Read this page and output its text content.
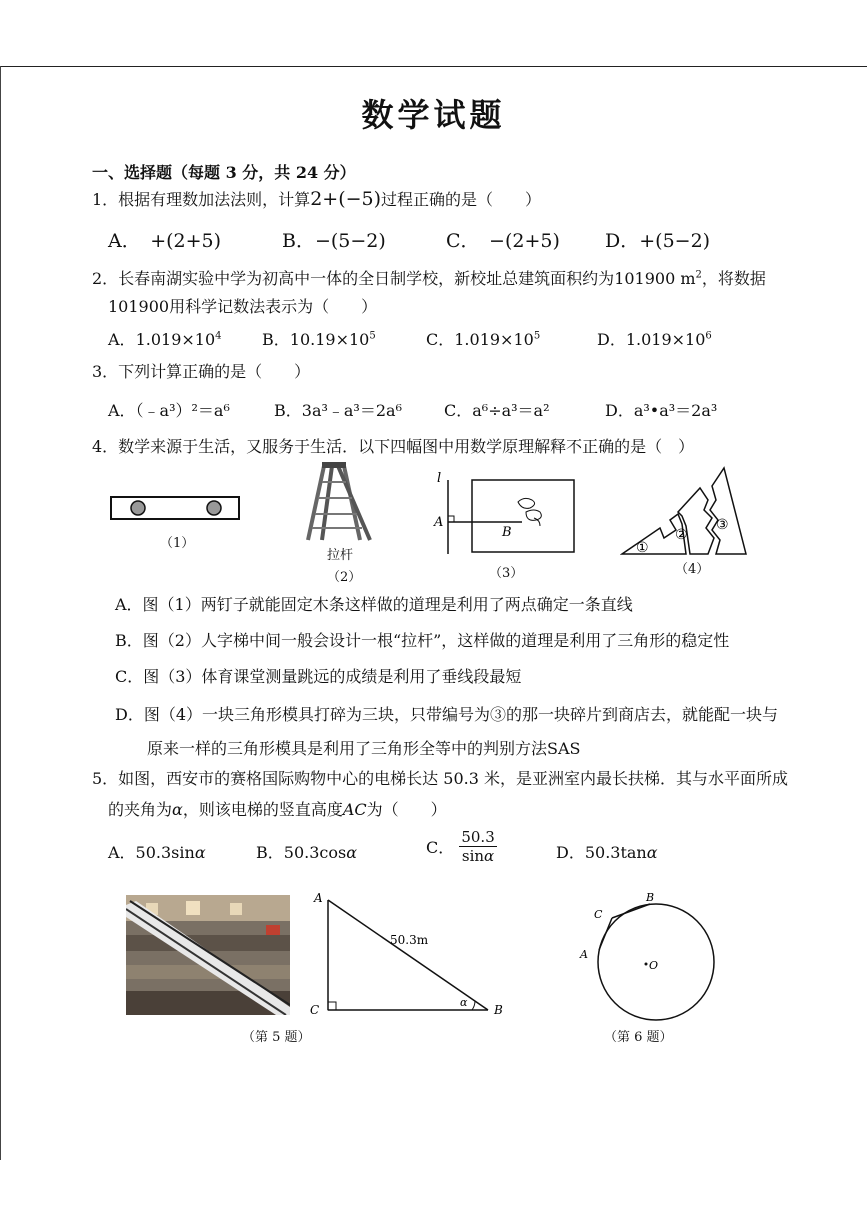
数学试题
一、选择题（每题 3 分，共 24 分）
1．根据有理数加法法则，计算2+(−5)过程正确的是（　　）
A．　+(2+5)	B．−(5−2)	C．　−(2+5) D．+(5−2)
2．长春南湖实验中学为初高中一体的全日制学校，新校址总建筑面积约为101900 $m^2$，将数据
101900用科学记数法表示为（　　）
A．$1.019\times 10^4$	B．$10.19\times 10^5$	C．$1.019\times 10^5$	D．$1.019\times 10^6$
3．下列计算正确的是（　　）
A．（﹣a³）²＝a⁶	B．3a³﹣a³＝2a⁶	C．a⁶÷a³＝a²	D．a³•a³＝2a³
4．数学来源于生活，又服务于生活．以下四幅图中用数学原理解释不正确的是（　）
（1）
拉杆
（2）
l
A
B
（3）
①
②
③
（4）
A．图（1）两钉子就能固定木条这样做的道理是利用了两点确定一条直线
B．图（2）人字梯中间一般会设计一根“拉杆”，这样做的道理是利用了三角形的稳定性
C．图（3）体育课堂测量跳远的成绩是利用了垂线段最短
D．图（4）一块三角形模具打碎为三块，只带编号为③的那一块碎片到商店去，就能配一块与
原来一样的三角形模具是利用了三角形全等中的判别方法SAS
5．如图，西安市的赛格国际购物中心的电梯长达 50.3 米，是亚洲室内最长扶梯．其与水平面所成
的夹角为α，则该电梯的竖直高度AC为（　　）
A．50.3sinα	B．50.3cosα	C． $\frac{50.3}{\sin\alpha}$	D．50.3tanα
A
C	B
50.3m
α
（第 5 题）
A
C
B
O
（第 6 题）
